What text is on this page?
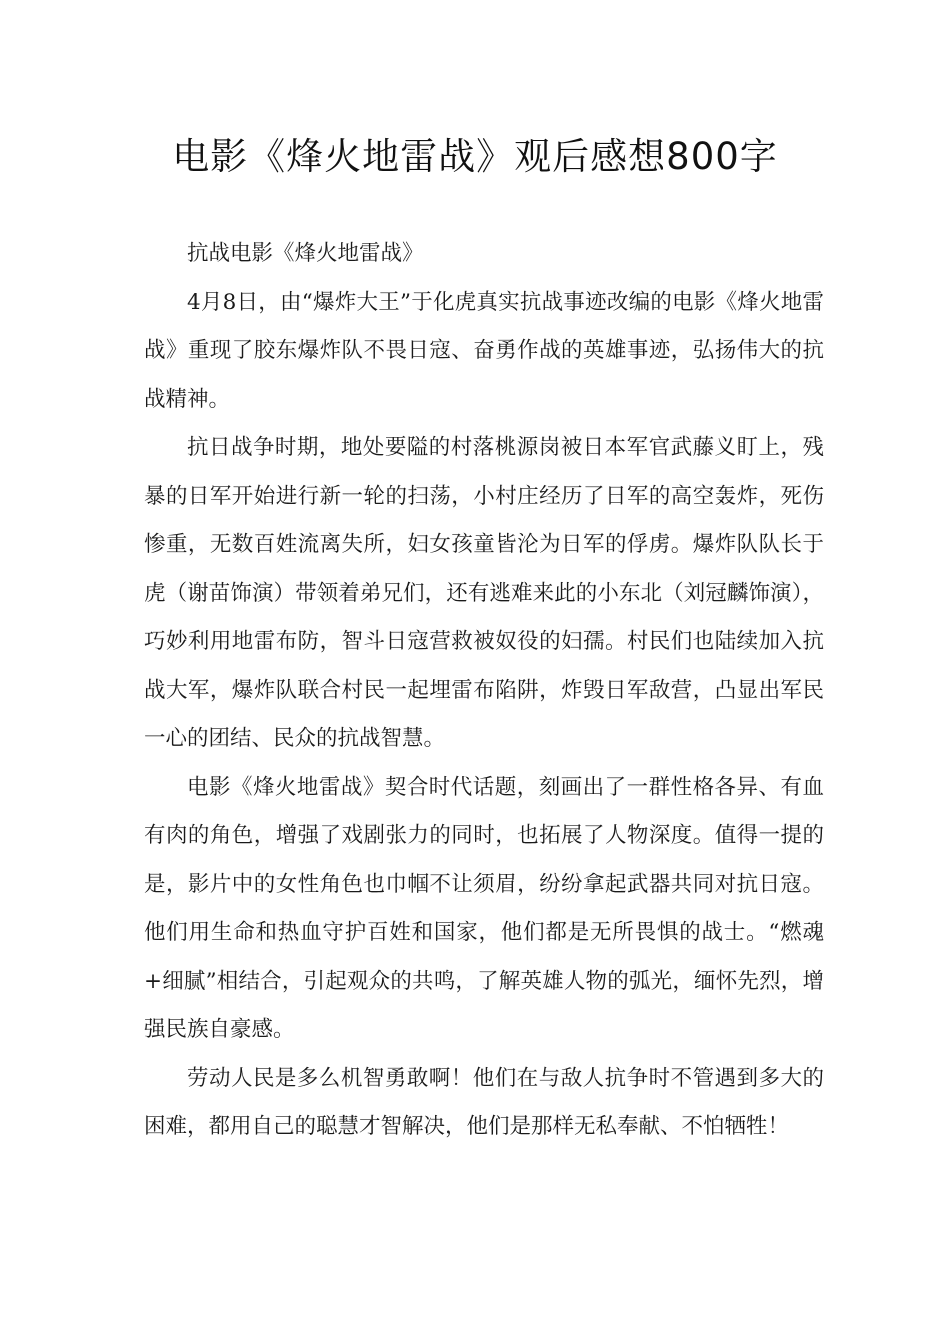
电影《烽火地雷战》观后感想800字

抗战电影《烽火地雷战》

4月8日，由“爆炸大王”于化虎真实抗战事迹改编的电影《烽火地雷战》重现了胶东爆炸队不畏日寇、奋勇作战的英雄事迹，弘扬伟大的抗战精神。

抗日战争时期，地处要隘的村落桃源岗被日本军官武藤义盯上，残暴的日军开始进行新一轮的扫荡，小村庄经历了日军的高空轰炸，死伤惨重，无数百姓流离失所，妇女孩童皆沦为日军的俘虏。爆炸队队长于虎（谢苗饰演）带领着弟兄们，还有逃难来此的小东北（刘冠麟饰演），巧妙利用地雷布防，智斗日寇营救被奴役的妇孺。村民们也陆续加入抗战大军，爆炸队联合村民一起埋雷布陷阱，炸毁日军敌营，凸显出军民一心的团结、民众的抗战智慧。

电影《烽火地雷战》契合时代话题，刻画出了一群性格各异、有血有肉的角色，增强了戏剧张力的同时，也拓展了人物深度。值得一提的是，影片中的女性角色也巾帼不让须眉，纷纷拿起武器共同对抗日寇。他们用生命和热血守护百姓和国家，他们都是无所畏惧的战士。“燃魂+细腻”相结合，引起观众的共鸣，了解英雄人物的弧光，缅怀先烈，增强民族自豪感。

劳动人民是多么机智勇敢啊！他们在与敌人抗争时不管遇到多大的困难，都用自己的聪慧才智解决，他们是那样无私奉献、不怕牺牲！
